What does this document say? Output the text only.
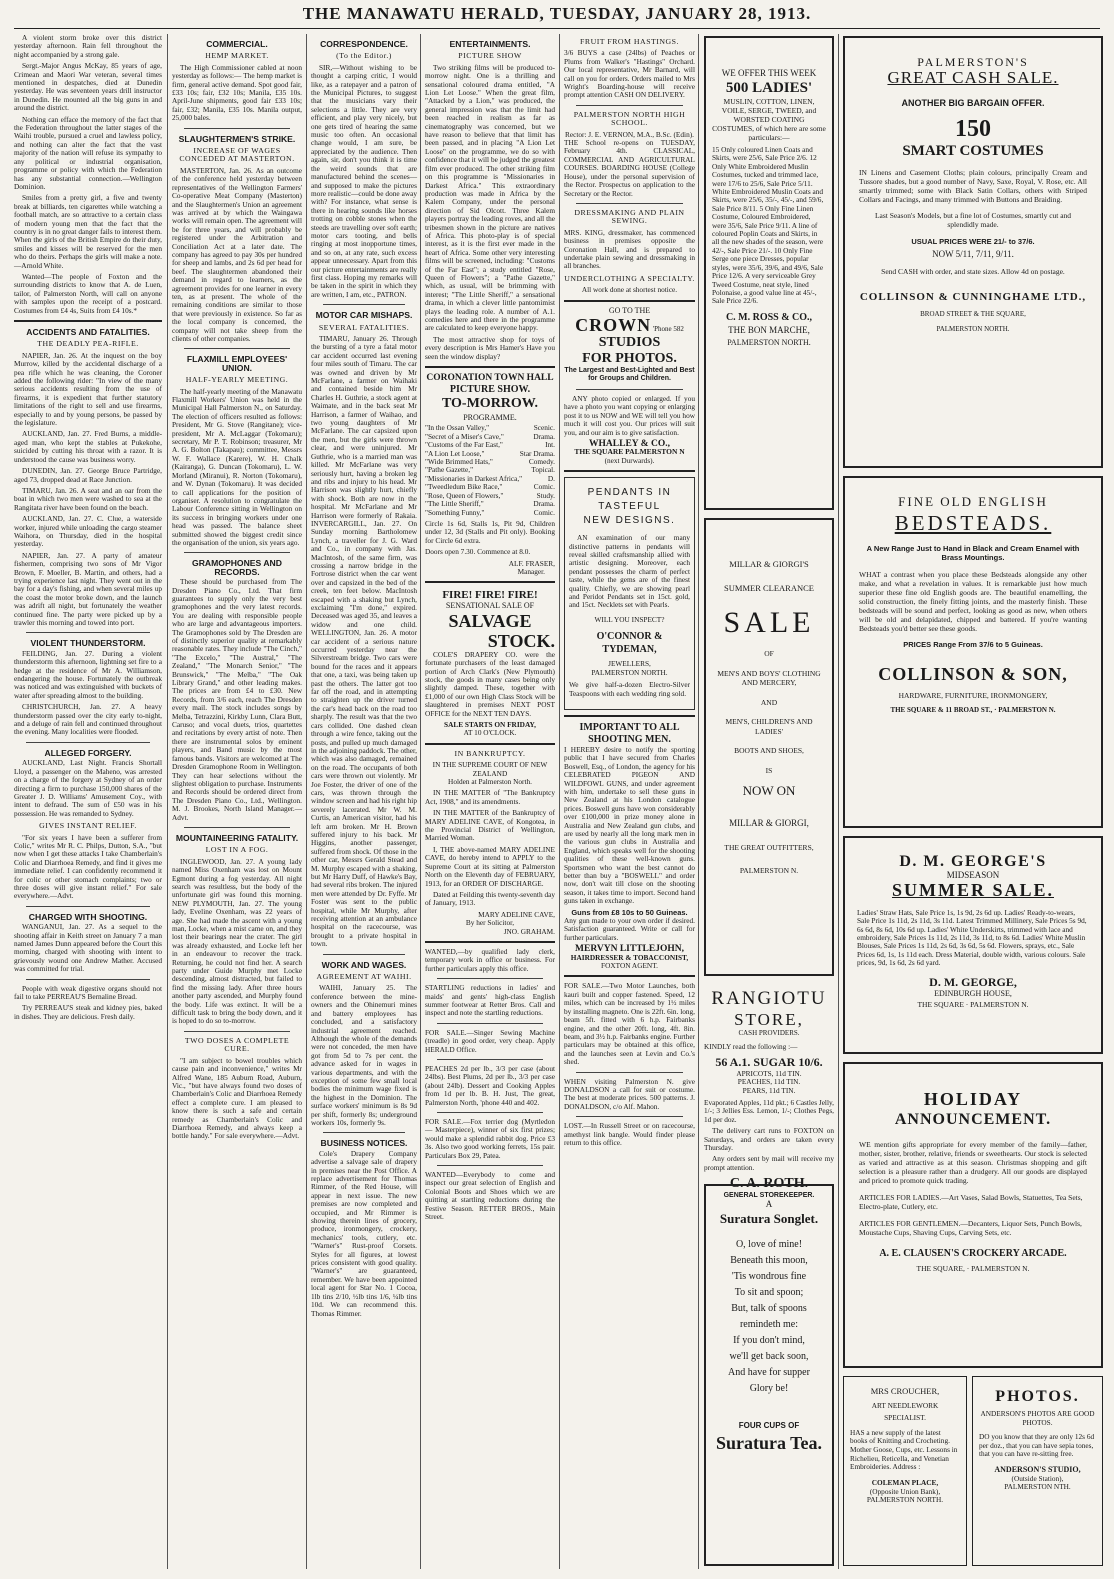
THE MANAWATU HERALD, TUESDAY, JANUARY 28, 1913.

A violent storm broke over this district yesterday afternoon. Rain fell throughout the night accompanied by a strong gale.

Sergt.-Major Angus McKay, 85 years of age, Crimean and Maori War veteran, several times mentioned in despatches, died at Dunedin yesterday. He was seventeen years drill instructor in Dunedin. He mounted all the big guns in and around the district.

Nothing can efface the memory of the fact that the Federation throughout the latter stages of the Waihi trouble, pursued a cruel and lawless policy, and nothing can alter the fact that the vast majority of the nation will refuse its sympathy to any political or industrial organisation, programme or policy with which the Federation has any substantial connection.—Wellington Dominion.

Smiles from a pretty girl, a five and twenty break at billiards, ten cigarettes while watching a football match, are so attractive to a certain class of modern young men that the fact that the country is in no great danger fails to interest them. When the girls of the British Empire do their duty, smiles and kisses will be reserved for the men who do theirs. Perhaps the girls will make a note.—Arnold White.

Wanted—The people of Foxton and the surrounding districts to know that A. de Luen, tailor, of Palmerston North, will call on anyone with samples upon the receipt of a postcard. Costumes from £4 4s, Suits from £4 10s.*

ACCIDENTS AND FATALITIES.
THE DEADLY PEA-RIFLE.

NAPIER, Jan. 26. At the inquest on the boy Murrow, killed by the accidental discharge of a pea rifle which he was cleaning, the Coroner added the following rider: "In view of the many serious accidents resulting from the use of firearms, it is expedient that further statutory limitations of the right to sell and use firearms, especially to and by young persons, be passed by the legislature.

AUCKLAND, Jan. 27. Fred Burns, a middle-aged man, who kept the stables at Pukekohe, suicided by cutting his throat with a razor. It is understood the cause was business worry.

DUNEDIN, Jan. 27. George Bruce Partridge, aged 73, dropped dead at Race Junction.

TIMARU, Jan. 26. A seat and an oar from the boat in which two men were washed to sea at the Rangitata river have been found on the beach.

AUCKLAND, Jan. 27. C. Clue, a waterside worker, injured while unloading the cargo steamer Waihora, on Thursday, died in the hospital yesterday.

NAPIER, Jan. 27. A party of amateur fishermen, comprising two sons of Mr Vigor Brown, F. Moeller, B. Martin, and others, had a trying experience last night. They went out in the bay for a day's fishing, and when several miles up the coast the motor broke down, and the launch was adrift all night, but fortunately the weather continued fine. The party were picked up by a trawler this morning and towed into port.

VIOLENT THUNDERSTORM.

FEILDING, Jan. 27. During a violent thunderstorm this afternoon, lightning set fire to a hedge at the residence of Mr A. Williamson, endangering the house. Fortunately the outbreak was noticed and was extinguished with buckets of water after spreading almost to the building.

CHRISTCHURCH, Jan. 27. A heavy thunderstorm passed over the city early to-night, and a deluge of rain fell and continued throughout the evening. Many localities were flooded.

ALLEGED FORGERY.

AUCKLAND, Last Night. Francis Shortall Lloyd, a passenger on the Maheno, was arrested on a charge of the forgery at Sydney of an order directing a firm to purchase 150,000 shares of the Greater J. D. Williams' Amusement Coy., with intent to defraud. The sum of £50 was in his possession. He was remanded to Sydney.

GIVES INSTANT RELIEF.

"For six years I have been a sufferer from Colic," writes Mr R. C. Philps, Dutton, S.A., "but now when I get these attacks I take Chamberlain's Colic and Diarrhoea Remedy, and find it gives me immediate relief. I can confidently recommend it for colic or other stomach complaints; two or three doses will give instant relief." For sale everywhere.—Advt.

CHARGED WITH SHOOTING.

WANGANUI, Jan. 27. As a sequel to the shooting affair in Keith street on January 7 a man named James Dunn appeared before the Court this morning, charged with shooting with intent to grievously wound one Andrew Mather. Accused was committed for trial.

People with weak digestive organs should not fail to take PERREAU'S Bernaline Bread.

Try PERREAU'S steak and kidney pies, baked in dishes. They are delicious. Fresh daily.

COMMERCIAL.
HEMP MARKET.

The High Commissioner cabled at noon yesterday as follows:— The hemp market is firm, general active demand. Spot good fair, £33 10s; fair, £32 10s; Manila, £35 10s. April-June shipments, good fair £33 10s; fair, £32; Manila, £35 10s. Manila output, 25,000 bales.

SLAUGHTERMEN'S STRIKE.
INCREASE OF WAGES CONCEDED AT MASTERTON.

MASTERTON, Jan. 26. As an outcome of the conference held yesterday between representatives of the Wellington Farmers' Co-operative Meat Company (Masterton) and the Slaughtermen's Union an agreement was arrived at by which the Waingawa works will remain open. The agreement will be for three years, and will probably be registered under the Arbitration and Conciliation Act at a later date. The company has agreed to pay 30s per hundred for sheep and lambs, and 2s 6d per head for beef. The slaughtermen abandoned their demand in regard to learners, as the agreement provides for one learner in every ten, as at present. The whole of the remaining conditions are similar to those that were previously in existence. So far as the local company is concerned, the company will not take sheep from the clients of other companies.

FLAXMILL EMPLOYEES' UNION.
HALF-YEARLY MEETING.

The half-yearly meeting of the Manawatu Flaxmill Workers' Union was held in the Municipal Hall Palmerston N., on Saturday. The election of officers resulted as follows: President, Mr G. Stove (Rangitane); vice-president, Mr A. McLaggar (Tokomaru); secretary, Mr P. T. Robinson; treasurer, Mr A. G. Bolton (Takapau); committee, Messrs W. F. Wallace (Karere), W. H. Chalk (Kairanga), G. Duncan (Tokomaru), L. W. Morland (Miranui), R. Norton (Tokomaru), and W. Dynan (Tokomaru). It was decided to call applications for the position of organiser. A resolution to congratulate the Labour Conference sitting in Wellington on its success in bringing workers under one head was passed. The balance sheet submitted showed the biggest credit since the organisation of the union, six years ago.

GRAMOPHONES AND RECORDS.

These should be purchased from The Dresden Piano Co., Ltd. That firm guarantees to supply only the very best gramophones and the very latest records. You are dealing with responsible people who are large and advantageous importers. The Gramophones sold by The Dresden are of distinctly superior quality at remarkably reasonable rates. They include "The Cinch," "The Excelo," "The Austral," "The Zealand," "The Monarch Senior," "The Brunswick," "The Melba," "The Oak Library Grand," and other leading makes. The prices are from £4 to £30. New Records, from 3/6 each, reach The Dresden every mail. The stock includes songs by Melba, Tetrazzini, Kirkby Lunn, Clara Butt, Caruso; and vocal duets, trios, quartettes and recitations by every artist of note. Then there are instrumental solos by eminent players, and Band music by the most famous bands. Visitors are welcomed at The Dresden Gramophone Room in Wellington. They can hear selections without the slightest obligation to purchase. Instruments and Records should be ordered direct from The Dresden Piano Co., Ltd., Wellington. M. J. Brookes, North Island Manager.—Advt.

MOUNTAINEERING FATALITY.
LOST IN A FOG.

INGLEWOOD, Jan. 27. A young lady named Miss Oxenham was lost on Mount Egmont during a fog yesterday. All night search was resultless, but the body of the unfortunate girl was found this morning. NEW PLYMOUTH, Jan. 27. The young lady, Eveline Oxenham, was 22 years of age. She had made the ascent with a young man, Locke, when a mist came on, and they lost their bearings near the crater. The girl was already exhausted, and Locke left her in an endeavour to recover the track. Returning, he could not find her. A search party under Guide Murphy met Locke descending, almost distracted, but failed to find the missing lady. After three hours another party ascended, and Murphy found the body. Life was extinct. It will be a difficult task to bring the body down, and it is hoped to do so to-morrow.

TWO DOSES A COMPLETE CURE.

"I am subject to bowel troubles which cause pain and inconvenience," writes Mr Alfred Wane, 185 Auburn Road, Auburn, Vic., "but have always found two doses of Chamberlain's Colic and Diarrhoea Remedy effect a complete cure. I am pleased to know there is such a safe and certain remedy as Chamberlain's Colic and Diarrhoea Remedy, and always keep a bottle handy." For sale everywhere.—Advt.

CORRESPONDENCE.
(To the Editor.)

SIR,—Without wishing to be thought a carping critic, I would like, as a ratepayer and a patron of the Municipal Pictures, to suggest that the musicians vary their selections a little. They are very efficient, and play very nicely, but one gets tired of hearing the same music too often. An occasional change would, I am sure, be appreciated by the audience. Then again, sir, don't you think it is time the weird sounds that are manufactured behind the scenes—and supposed to make the pictures more realistic—could be done away with? For instance, what sense is there in hearing sounds like horses trotting on cobble stones when the steeds are travelling over soft earth; motor cars tooting, and bells ringing at most inopportune times, and so on, at any rate, such excess appear unnecessary. Apart from this our picture entertainments are really first class. Hoping my remarks will be taken in the spirit in which they are written, I am, etc., PATRON.

MOTOR CAR MISHAPS.
SEVERAL FATALITIES.

TIMARU, January 26. Through the bursting of a tyre a fatal motor car accident occurred last evening four miles south of Timaru. The car was owned and driven by Mr McFarlane, a farmer on Waihaki and contained beside him Mr Charles H. Guthrie, a stock agent at Waimate, and in the back seat Mr Harrison, a farmer of Waihao, and two young daughters of Mr McFarlane. The car capsized upon the men, but the girls were thrown clear, and were uninjured. Mr Guthrie, who is a married man was killed. Mr McFarlane was very seriously hurt, having a broken leg and ribs and injury to his head. Mr Harrison was slightly hurt, chiefly with shock. Both are now in the hospital. Mr McFarlane and Mr Harrison were formerly of Rakaia. INVERCARGILL, Jan. 27. On Sunday morning Bartholomew Lynch, a traveller for J. G. Ward and Co., in company with Jas. MacIntosh, of the same firm, was crossing a narrow bridge in the Fortrose district when the car went over and capsized in the bed of the creek, ten feet below. MacIntosh escaped with a shaking but Lynch, exclaiming "I'm done," expired. Deceased was aged 35, and leaves a widow and one child. WELLINGTON, Jan. 26. A motor car accident of a serious nature occurred yesterday near the Silverstream bridge. Two cars were bound for the races and it appears that one, a taxi, was being taken up past the others. The latter got too far off the road, and in attempting to straighten up the driver turned the car's head back on the road too sharply. The result was that the two cars collided. One dashed clean through a wire fence, taking out the posts, and pulled up much damaged in the adjoining paddock. The other, which was also damaged, remained on the road. The occupants of both cars were thrown out violently. Mr Joe Foster, the driver of one of the cars, was thrown through the window screen and had his right hip severely lacerated. Mr W. M. Curtis, an American visitor, had his left arm broken. Mr H. Brown suffered injury to his back. Mr Higgins, another passenger, suffered from shock. Of those in the other car, Messrs Gerald Stead and M. Murphy escaped with a shaking, but Mr Harry Duff, of Hawke's Bay, had several ribs broken. The injured men were attended by Dr. Fyffe. Mr Foster was sent to the public hospital, while Mr Murphy, after receiving attention at an ambulance hospital on the racecourse, was brought to a private hospital in town.

WORK AND WAGES.
AGREEMENT AT WAIHI.

WAIHI, January 25. The conference between the mine-owners and the Ohinemuri mines and battery employees has concluded, and a satisfactory industrial agreement reached. Although the whole of the demands were not conceded, the men have got from 5d to 7s per cent. the advance asked for in wages in various departments, and with the exception of some few small local bodies the minimum wage fixed is the highest in the Dominion. The surface workers' minimum is 8s 9d per shift, formerly 8s; underground workers 10s, formerly 9s.

BUSINESS NOTICES.

Cole's Drapery Company advertise a salvage sale of drapery in premises near the Post Office. A replace advertisement for Thomas Rimmer, of the Red House, will appear in next issue. The new premises are now completed and occupied, and Mr Rimmer is showing therein lines of grocery, produce, ironmongery, crockery, mechanics' tools, cutlery, etc. "Warner's" Rust-proof Corsets. Styles for all figures, at lowest prices consistent with good quality. "Warner's" are guaranteed, remember. We have been appointed local agent for Star No. 1 Cocoa, 1lb tins 2/10, ½lb tins 1/6, ¼lb tins 10d. We can recommend this. Thomas Rimmer.

ENTERTAINMENTS.
PICTURE SHOW

Two striking films will be produced to-morrow night. One is a thrilling and sensational coloured drama entitled, "A Lion Let Loose." When the great film, "Attacked by a Lion," was produced, the general impression was that the limit had been reached in realism as far as cinematography was concerned, but we have reason to believe that that limit has been passed, and in placing "A Lion Let Loose" on the programme, we do so with confidence that it will be judged the greatest film ever produced. The other striking film on this programme is "Missionaries in Darkest Africa." This extraordinary production was made in Africa by the Kalem Company, under the personal direction of Sid Olcott. Three Kalem players portray the leading roves, and all the tribesmen shown in the picture are natives of Africa. This photo-play is of special interest, as it is the first ever made in the heart of Africa. Some other very interesting films will be screened, including: "Customs of the Far East"; a study entitled "Rose, Queen of Flowers"; a "Pathe Gazette," which, as usual, will be brimming with interest; "The Little Sheriff," a sensational drama, in which a clever little pantomimist plays the leading role. A number of A.1. comedies here and there in the programme are calculated to keep everyone happy.

The most attractive shop for toys of every description is Mrs Hamer's Have you seen the window display?

CORONATION TOWN HALL
PICTURE SHOW.
TO-MORROW.
PROGRAMME.
"In the Ossan Valley,"	Scenic.
"Secret of a Miser's Cave,"	Drama.
"Customs of the Far East,"	Int.
"A Lion Let Loose,"	Star Drama.
"Wide Brimmed Hats,"	Comedy.
"Pathe Gazette,"	Topical.
"Missionaries in Darkest Africa,"	D.
"Tweedledum Bike Race,"	Comic.
"Rose, Queen of Flowers,"	Study.
"The Little Sheriff,"	Drama.
"Something Funny,"	Comic.

Circle 1s 6d, Stalls 1s, Pit 9d, Children under 12, 3d (Stalls and Pit only). Booking for Circle 6d extra.

Doors open 7.30. Commence at 8.0.

ALF. FRASER,
Manager.
FIRE! FIRE! FIRE!
SENSATIONAL SALE OF
SALVAGE
STOCK.

COLE'S DRAPERY CO. were the fortunate purchasers of the least damaged portion of Arch Clark's (New Plymouth) stock, the goods in many cases being only slightly damped. These, together with £1,000 of our own High Class Stock will be slaughtered in premises NEXT POST OFFICE for the NEXT TEN DAYS.

SALE STARTS ON FRIDAY,
AT 10 O'CLOCK.
IN BANKRUPTCY.
IN THE SUPREME COURT OF NEW ZEALAND
Holden at Palmerston North.

IN THE MATTER of "The Bankruptcy Act, 1908," and its amendments.

IN THE MATTER of the Bankruptcy of MARY ADELINE CAVE, of Kongotea, in the Provincial District of Wellington, Married Woman.

I, THE above-named MARY ADELINE CAVE, do hereby intend to APPLY to the Supreme Court at its sitting at Palmerston North on the Eleventh day of FEBRUARY, 1913, for an ORDER OF DISCHARGE.

Dated at Feilding this twenty-seventh day of January, 1913.

MARY ADELINE CAVE,
By her Solicitor,
JNO. GRAHAM.

WANTED,—by qualified lady clerk, temporary work in office or business. For further particulars apply this office.

STARTLING reductions in ladies' and maids' and gents' high-class English summer footwear at Retter Bros. Call and inspect and note the startling reductions.

FOR SALE.—Singer Sewing Machine (treadle) in good order, very cheap. Apply HERALD Office.

PEACHES 2d per lb., 3/3 per case (about 24lbs). Best Plums, 2d per lb., 3/3 per case (about 24lb). Dessert and Cooking Apples from 1d per lb. B. H. Just, The great, Palmerston North, 'phone 440 and 402.

FOR SALE.—Fox terrier dog (Myrtledon — Masterpiece), winner of six first prizes; would make a splendid rabbit dog. Price £3 3s. Also two good working ferrets, 15s pair. Particulars Box 29, Patea.

WANTED—Everybody to come and inspect our great selection of English and Colonial Boots and Shoes which we are quitting at startling reductions during the Festive Season. RETTER BROS., Main Street.

FRUIT FROM HASTINGS.

3/6 BUYS a case (24lbs) of Peaches or Plums from Walker's "Hastings" Orchard. Our local representative, Mr Barnard, will call on you for orders. Orders mailed to Mrs Wright's Boarding-house will receive prompt attention CASH ON DELIVERY.

PALMERSTON NORTH HIGH SCHOOL.
Rector: J. E. VERNON, M.A., B.Sc. (Edin).

THE School re-opens on TUESDAY, February 4th. CLASSICAL, COMMERCIAL AND AGRICULTURAL COURSES. BOARDING HOUSE (College House), under the personal supervision of the Rector. Prospectus on application to the Secretary or the Rector.

DRESSMAKING AND PLAIN SEWING.

MRS. KING, dressmaker, has commenced business in premises opposite the Coronation Hall, and is prepared to undertake plain sewing and dressmaking in all branches.

UNDERCLOTHING A SPECIALTY.
All work done at shortest notice.
GO TO THE
CROWN 'Phone 582
STUDIOS
FOR PHOTOS.
The Largest and Best-Lighted and Best for Groups and Children.

ANY photo copied or enlarged. If you have a photo you want copying or enlarging post it to us NOW and WE will tell you how much it will cost you. Our prices will suit you, and our aim is to give satisfaction.

WHALLEY & CO.,
THE SQUARE PALMERSTON N
(next Durwards).
PENDANTS IN
TASTEFUL
NEW DESIGNS.

AN examination of our many distinctive patterns in pendants will reveal skilled craftsmanship allied with artistic designing. Moreover, each pendant possesses the charm of perfect taste, while the gems are of the finest quality. Chiefly, we are showing pearl and Peridot Pendants set in 15ct. gold, and 15ct. Necklets set with Pearls.

WILL YOU INSPECT?
O'CONNOR &
TYDEMAN,
JEWELLERS,
PALMERSTON NORTH.

We give half-a-dozen Electro-Silver Teaspoons with each wedding ring sold.

IMPORTANT TO ALL SHOOTING MEN.

I HEREBY desire to notify the sporting public that I have secured from Charles Boswell, Esq., of London, the agency for his CELEBRATED PIGEON AND WILDFOWL GUNS, and under agreement with him, undertake to sell these guns in New Zealand at his London catalogue prices. Boswell guns have won considerably over £100,000 in prize money alone in Australia and New Zealand gun clubs, and are used by nearly all the long mark men in the various gun clubs in Australia and England, which speaks well for the shooting qualities of these well-known guns. Sportsmen who want the best cannot do better than buy a "BOSWELL" and order now, don't wait till close on the shooting season, it takes time to import. Second hand guns taken in exchange.

Guns from £8 10s to 50 Guineas.

Any gun made to your own order if desired. Satisfaction guaranteed. Write or call for further particulars.

MERVYN LITTLEJOHN,
HAIRDRESSER & TOBACCONIST,
FOXTON AGENT.

FOR SALE.—Two Motor Launches, both kauri built and copper fastened. Speed, 12 miles, which can be increased by 1½ miles by installing magneto. One is 22ft. 6in. long, beam 5ft. fitted with 6 h.p. Fairbanks engine, and the other 20ft. long, 4ft. 8in. beam, and 3½ h.p. Fairbanks engine. Further particulars may be obtained at this office, and the launches seen at Levin and Co.'s shed.

WHEN visiting Palmerston N. give DONALDSON a call for suit or costume. The best at moderate prices. 500 patterns. J. DONALDSON, c/o Alf. Mahon.

LOST.—In Russell Street or on racecourse, amethyst link bangle. Would finder please return to this office.

WE OFFER THIS WEEK
500 LADIES'
MUSLIN, COTTON, LINEN, VOILE, SERGE, TWEED, and WORSTED COATING COSTUMES, of which here are some particulars:—
15 Only coloured Linen Coats and Skirts, were 25/6, Sale Price 2/6. 12 Only White Embroidered Muslin Costumes, tucked and trimmed lace, were 17/6 to 25/6, Sale Price 5/11. White Embroidered Muslin Coats and Skirts, were 25/6, 35/-, 45/-, and 59/6, Sale Price 8/11. 5 Only Fine Linen Costume, Coloured Embroidered, were 35/6, Sale Price 9/11. A line of coloured Poplin Coats and Skirts, in all the new shades of the season, were 42/-, Sale Price 21/-. 10 Only Fine Serge one piece Dresses, popular styles, were 35/6, 39/6, and 49/6, Sale Price 12/6. A very serviceable Grey Tweed Costume, neat style, lined Polonaise, a good value line at 45/-, Sale Price 22/6.
C. M. ROSS & CO.,
THE BON MARCHE,
PALMERSTON NORTH.
MILLAR & GIORGI'S
SUMMER CLEARANCE
SALE
OF
MEN'S AND BOYS' CLOTHING AND MERCERY,
AND
MEN'S, CHILDREN'S AND LADIES'
BOOTS AND SHOES,
IS
NOW ON
MILLAR & GIORGI,
THE GREAT OUTFITTERS,
PALMERSTON N.
RANGIOTU
STORE,
CASH PROVIDERS.

KINDLY read the following :—

56 A.1. SUGAR 10/6.
APRICOTS, 11d TIN.
PEACHES, 11d TIN.
PEARS, 11d TIN.

Evaporated Apples, 11d pkt.; 6 Castles Jelly, 1/-; 3 Jellies Ess. Lemon, 1/-; Clothes Pegs, 1d per doz.

The delivery cart runs to FOXTON on Saturdays, and orders are taken every Thursday.

Any orders sent by mail will receive my prompt attention.

C. A. ROTH.
GENERAL STOREKEEPER.
A
Suratura Songlet.
O, love of mine!
Beneath this moon,
'Tis wondrous fine
To sit and spoon;
But, talk of spoons
remindeth me:
If you don't mind,
we'll get back soon,
And have for supper
Glory be!
FOUR CUPS OF
Suratura Tea.
PALMERSTON'S
GREAT CASH SALE.
ANOTHER BIG BARGAIN OFFER.
150
SMART COSTUMES

IN Linens and Casement Cloths; plain colours, principally Cream and Tussore shades, but a good number of Navy, Saxe, Royal, V. Rose, etc. All smartly trimmed; some with Black Satin Collars, others with Striped Collars and Facings, and many trimmed with Buttons and Braiding.

Last Season's Models, but a fine lot of Costumes, smartly cut and splendidly made.

USUAL PRICES WERE 21/- to 37/6.
NOW 5/11, 7/11, 9/11.
Send CASH with order, and state sizes. Allow 4d on postage.
COLLINSON & CUNNINGHAME LTD.,
BROAD STREET & THE SQUARE,
PALMERSTON NORTH.
FINE OLD ENGLISH
BEDSTEADS.
A New Range Just to Hand in Black and Cream Enamel with Brass Mountings.

WHAT a contrast when you place these Bedsteads alongside any other make, and what a revelation in values. It is remarkable just how much superior these fine old English goods are. The beautiful enamelling, the solid construction, the finely fitting joints, and the masterly finish. These bedsteads will be sound and perfect, looking as good as new, when others will be old and delapidated, chipped and battered. If you're wanting Bedsteads you'd better see these goods.

PRICES Range From 37/6 to 5 Guineas.
COLLINSON & SON,
HARDWARE, FURNITURE, IRONMONGERY,
THE SQUARE & 11 BROAD ST., · PALMERSTON N.
D. M. GEORGE'S
MIDSEASON
SUMMER SALE.

Ladies' Straw Hats, Sale Price 1s, 1s 9d, 2s 6d up. Ladies' Ready-to-wears, Sale Price 1s 11d, 2s 11d, 3s 11d. Latest Trimmed Millinery, Sale Prices 5s 9d, 6s 6d, 8s 6d, 10s 6d up. Ladies' White Underskirts, trimmed with lace and embroidery, Sale Prices 1s 11d, 2s 11d, 3s 11d, to 8s 6d. Ladies' White Muslin Blouses, Sale Prices 1s 11d, 2s 6d, 3s 6d, 5s 6d. Flowers, sprays, etc., Sale Prices 6d, 1s, 1s 11d each. Dress Material, double width, various colours. Sale prices, 9d, 1s 6d, 2s 6d yard.

D. M. GEORGE,
EDINBURGH HOUSE,
THE SQUARE · PALMERSTON N.
HOLIDAY
ANNOUNCEMENT.

WE mention gifts appropriate for every member of the family—father, mother, sister, brother, relative, friends or sweethearts. Our stock is selected as varied and attractive as at this season. Christmas shopping and gift selection is a pleasure rather than a drudgery. All our goods are displayed and priced to promote quick trading.

ARTICLES FOR LADIES.—Art Vases, Salad Bowls, Statuettes, Tea Sets, Electro-plate, Cutlery, etc.

ARTICLES FOR GENTLEMEN.—Decanters, Liquor Sets, Punch Bowls, Moustache Cups, Shaving Cups, Carving Sets, etc.

A. E. CLAUSEN'S CROCKERY ARCADE.
THE SQUARE, · PALMERSTON N.
MRS CROUCHER,
ART NEEDLEWORK
SPECIALIST.

HAS a new supply of the latest books of Knitting and Crocheting. Mother Goose, Cups, etc. Lessons in Richelieu, Reticella, and Venetian Embroideries. Address :

COLEMAN PLACE,
(Opposite Union Bank),
PALMERSTON NORTH.
PHOTOS.
ANDERSON'S PHOTOS ARE GOOD PHOTOS.

DO you know that they are only 12s 6d per doz., that you can have sepia tones, that you can have re-sitting free.

ANDERSON'S STUDIO,
(Outside Station),
PALMERSTON NTH.
